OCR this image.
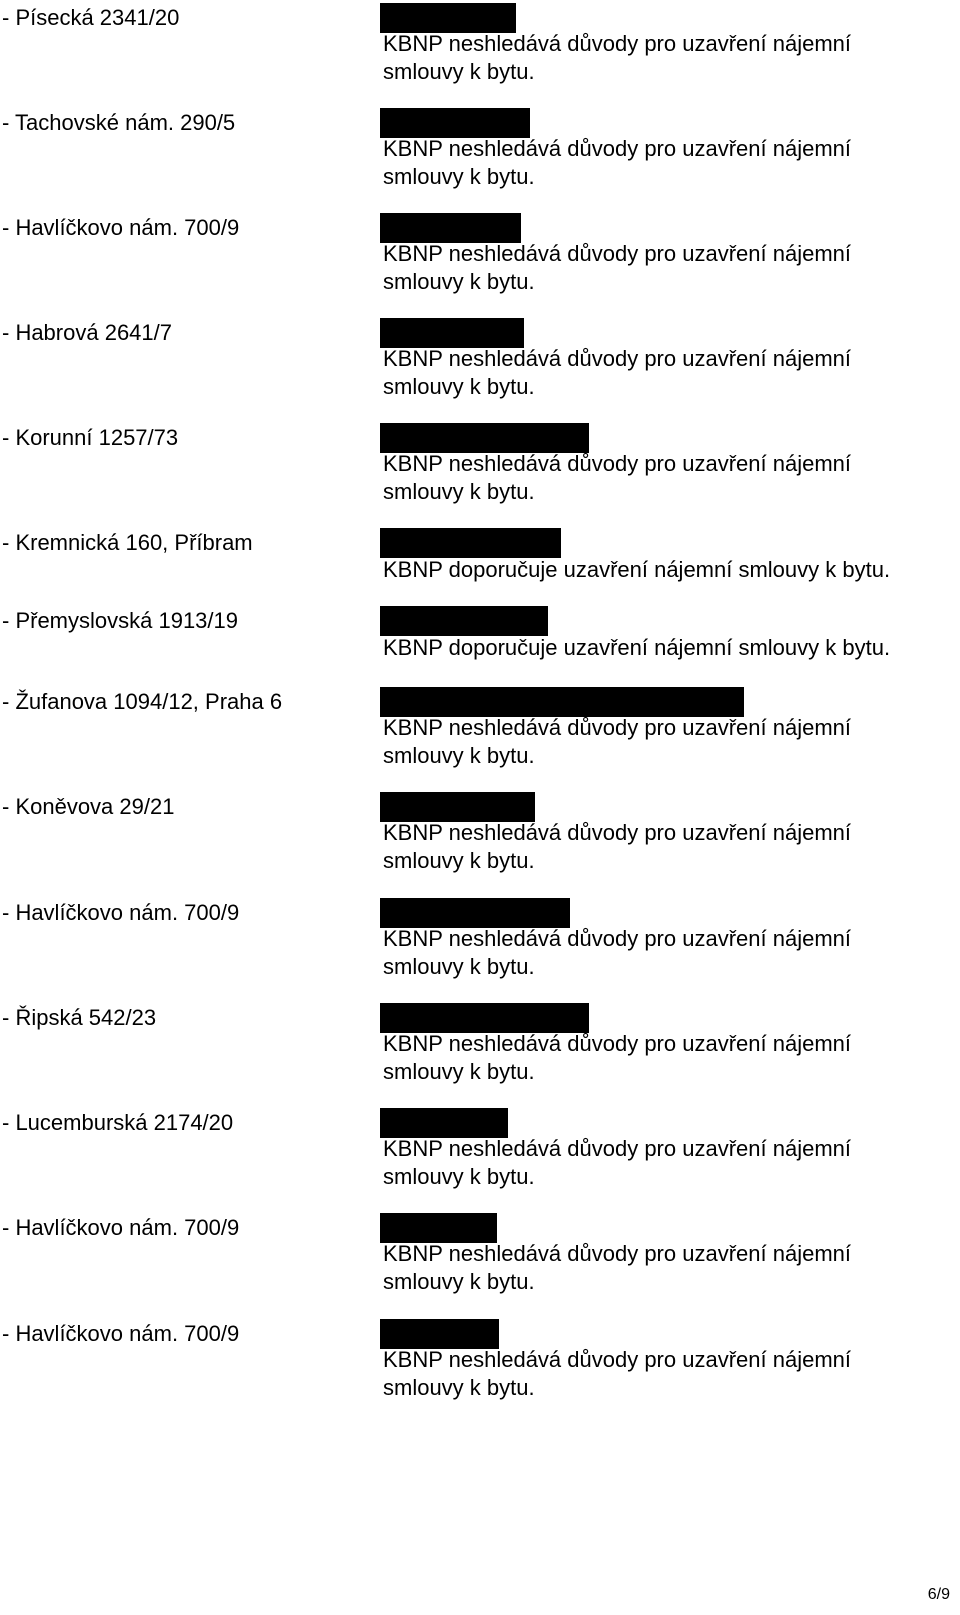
- Písecká 2341/20
KBNP neshledává důvody pro uzavření nájemní
smlouvy k bytu.
- Tachovské nám. 290/5
KBNP neshledává důvody pro uzavření nájemní
smlouvy k bytu.
- Havlíčkovo nám. 700/9
KBNP neshledává důvody pro uzavření nájemní
smlouvy k bytu.
- Habrová 2641/7
KBNP neshledává důvody pro uzavření nájemní
smlouvy k bytu.
- Korunní 1257/73
KBNP neshledává důvody pro uzavření nájemní
smlouvy k bytu.
- Kremnická 160, Příbram
KBNP doporučuje uzavření nájemní smlouvy k bytu.
- Přemyslovská 1913/19
KBNP doporučuje uzavření nájemní smlouvy k bytu.
- Žufanova 1094/12, Praha 6
KBNP neshledává důvody pro uzavření nájemní
smlouvy k bytu.
- Koněvova 29/21
KBNP neshledává důvody pro uzavření nájemní
smlouvy k bytu.
- Havlíčkovo nám. 700/9
KBNP neshledává důvody pro uzavření nájemní
smlouvy k bytu.
- Řipská 542/23
KBNP neshledává důvody pro uzavření nájemní
smlouvy k bytu.
- Lucemburská 2174/20
KBNP neshledává důvody pro uzavření nájemní
smlouvy k bytu.
- Havlíčkovo nám. 700/9
KBNP neshledává důvody pro uzavření nájemní
smlouvy k bytu.
- Havlíčkovo nám. 700/9
KBNP neshledává důvody pro uzavření nájemní
smlouvy k bytu.
6/9
